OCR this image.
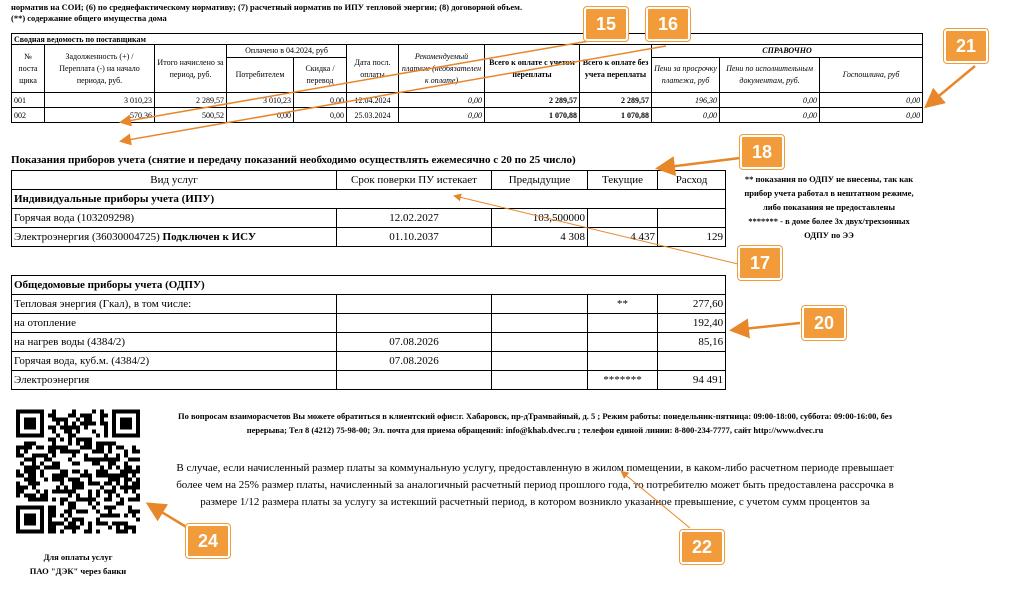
норматив на СОИ; (6) по среднефактическому нормативу; (7) расчетный норматив по ИПУ тепловой энергии; (8) договорной объем.
(**) содержание общего имущества дома
Сводная ведомость по поставщикам											
№ поста щика	Задолженность (+) / Переплата (-) на начало периода, руб.	Итого начислено за период, руб.	Оплачено в 04.2024, руб		Дата посл. оплаты	Рекомендуемый платеж (необязателен к оплате)	Всего к оплате с учетом переплаты	Всего к оплате без учета переплаты	СПРАВОЧНО		
			Потребителем	Скидка / перевод					Пени за просрочку платежа, руб	Пени по исполнительным документам, руб.	Госпошлина, руб
001	3 010,23	2 289,57	3 010,23	0,00	12.04.2024	0,00	2 289,57	2 289,57	196,30	0,00	0,00
002	570,36	500,52	0,00	0,00	25.03.2024	0,00	1 070,88	1 070,88	0,00	0,00	0,00
Показания приборов учета (снятие и передачу показаний необходимо осуществлять ежемесячно с 20 по 25 число)
Вид услуг	Срок поверки ПУ истекает	Предыдущие	Текущие	Расход
Индивидуальные приборы учета (ИПУ)				
Горячая вода (103209298)	12.02.2027	103,500000		
Электроэнергия (36030004725) Подключен к ИСУ	01.10.2037	4 308	4 437	129
Общедомовые приборы учета (ОДПУ)				
Тепловая энергия (Гкал), в том числе:			**	277,60
на отопление				192,40
на нагрев воды (4384/2)	07.08.2026			85,16
Горячая вода, куб.м. (4384/2)	07.08.2026			
Электроэнергия			*******	94 491
** показания по ОДПУ не внесены, так как
прибор учета работал в нештатном режиме,
либо показания не предоставлены
******* - в доме более 3х двух/трехзонных
ОДПУ по ЭЭ
Для оплаты услуг
ПАО "ДЭК" через банки
По вопросам взаиморасчетов Вы можете обратиться в клиентский офис:г. Хабаровск, пр-дТрамвайный, д. 5 ; Режим работы: понедельник-пятница: 09:00-18:00, суббота: 09:00-16:00, без
перерыва; Тел 8 (4212) 75-98-00; Эл. почта для приема обращений: info@khab.dvec.ru ; телефон единой линии: 8-800-234-7777, сайт http://www.dvec.ru
В случае, если начисленный размер платы за коммунальную услугу, предоставленную в жилом помещении, в каком-либо расчетном периоде превышает
более чем на 25% размер платы, начисленный за аналогичный расчетный период прошлого года, то потребителю может быть предоставлена рассрочка в
размере 1/12 размера платы за услугу за истекший расчетный период, в котором возникло указанное превышение, с учетом сумм процентов за
15	16
21
18
17
20
22
24
